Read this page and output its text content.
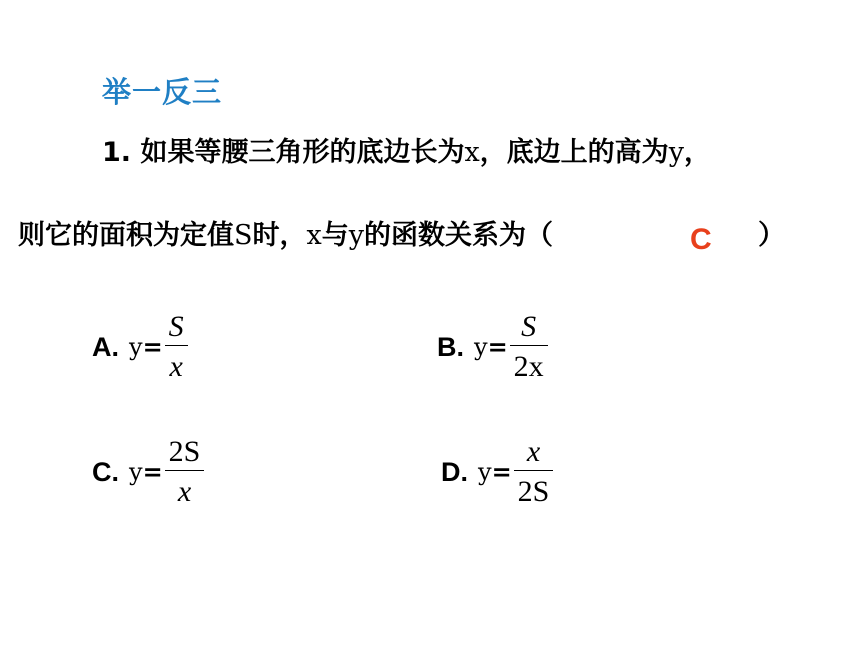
举一反三
1. 如果等腰三角形的底边长为x，底边上的高为y，
则它的面积为定值S时，x与y的函数关系为（	C ）
A. $y = \frac{S}{x}$	B. $y = \frac{S}{2x}$
C. $y = \frac{2S}{x}$	D. $y = \frac{x}{2S}$
